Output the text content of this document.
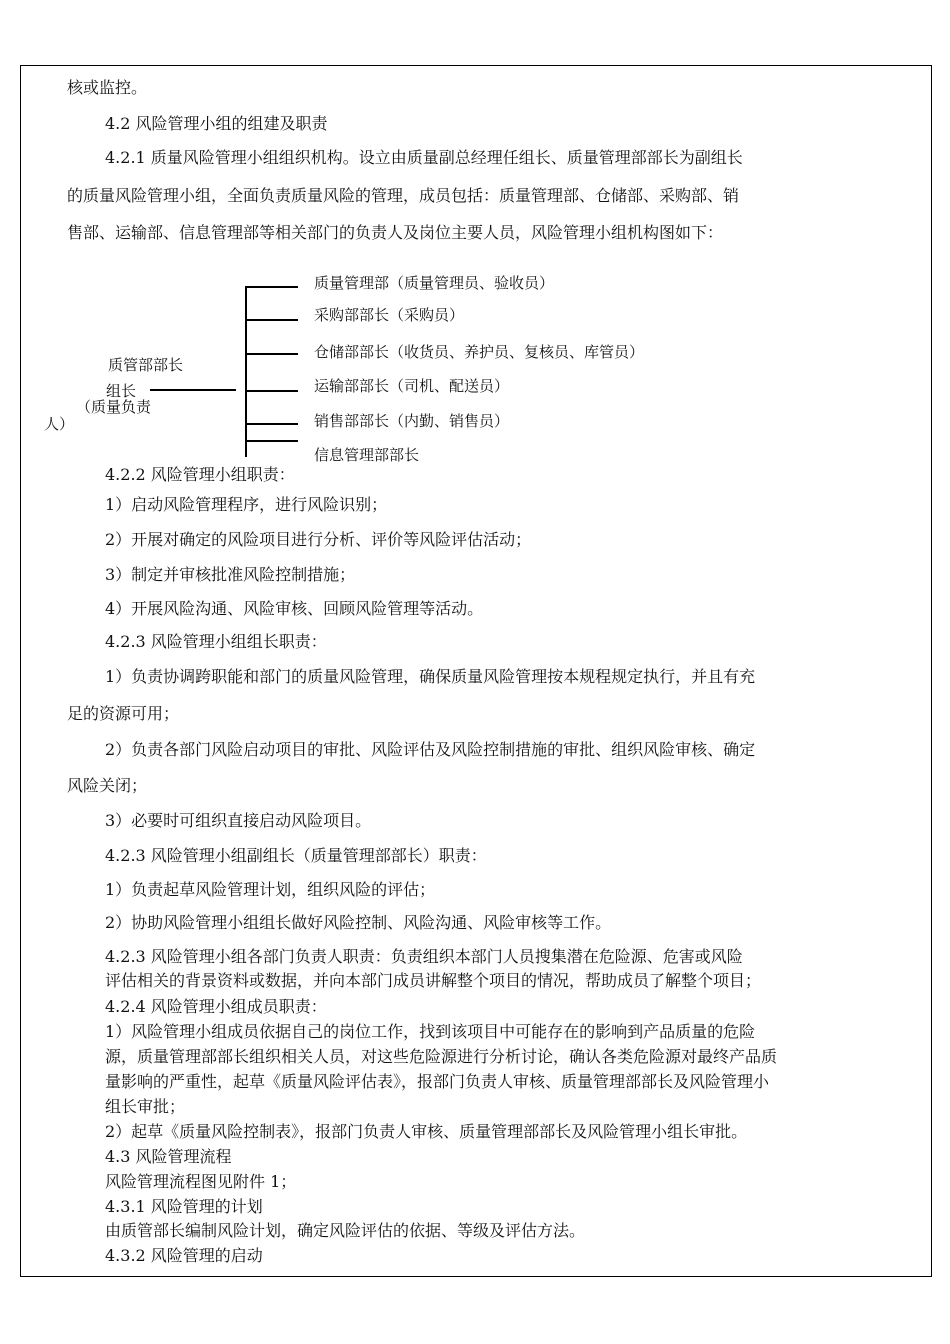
核或监控。
4.2 风险管理小组的组建及职责
4.2.1 质量风险管理小组组织机构。设立由质量副总经理任组长、质量管理部部长为副组长
的质量风险管理小组，全面负责质量风险的管理，成员包括：质量管理部、仓储部、采购部、销
售部、运输部、信息管理部等相关部门的负责人及岗位主要人员，风险管理小组机构图如下：
质管部部长
组长
（质量负责
人）
质量管理部（质量管理员、验收员）
采购部部长（采购员）
仓储部部长（收货员、养护员、复核员、库管员）
运输部部长（司机、配送员）
销售部部长（内勤、销售员）
信息管理部部长
4.2.2 风险管理小组职责：
1）启动风险管理程序，进行风险识别；
2）开展对确定的风险项目进行分析、评价等风险评估活动；
3）制定并审核批准风险控制措施；
4）开展风险沟通、风险审核、回顾风险管理等活动。
4.2.3 风险管理小组组长职责：
1）负责协调跨职能和部门的质量风险管理，确保质量风险管理按本规程规定执行，并且有充
足的资源可用；
2）负责各部门风险启动项目的审批、风险评估及风险控制措施的审批、组织风险审核、确定
风险关闭；
3）必要时可组织直接启动风险项目。
4.2.3 风险管理小组副组长（质量管理部部长）职责：
1）负责起草风险管理计划，组织风险的评估；
2）协助风险管理小组组长做好风险控制、风险沟通、风险审核等工作。
4.2.3 风险管理小组各部门负责人职责：负责组织本部门人员搜集潜在危险源、危害或风险
评估相关的背景资料或数据，并向本部门成员讲解整个项目的情况，帮助成员了解整个项目；
4.2.4 风险管理小组成员职责：
1）风险管理小组成员依据自己的岗位工作，找到该项目中可能存在的影响到产品质量的危险
源，质量管理部部长组织相关人员，对这些危险源进行分析讨论，确认各类危险源对最终产品质
量影响的严重性，起草《质量风险评估表》，报部门负责人审核、质量管理部部长及风险管理小
组长审批；
2）起草《质量风险控制表》，报部门负责人审核、质量管理部部长及风险管理小组长审批。
4.3 风险管理流程
风险管理流程图见附件 1；
4.3.1 风险管理的计划
由质管部长编制风险计划，确定风险评估的依据、等级及评估方法。
4.3.2 风险管理的启动
